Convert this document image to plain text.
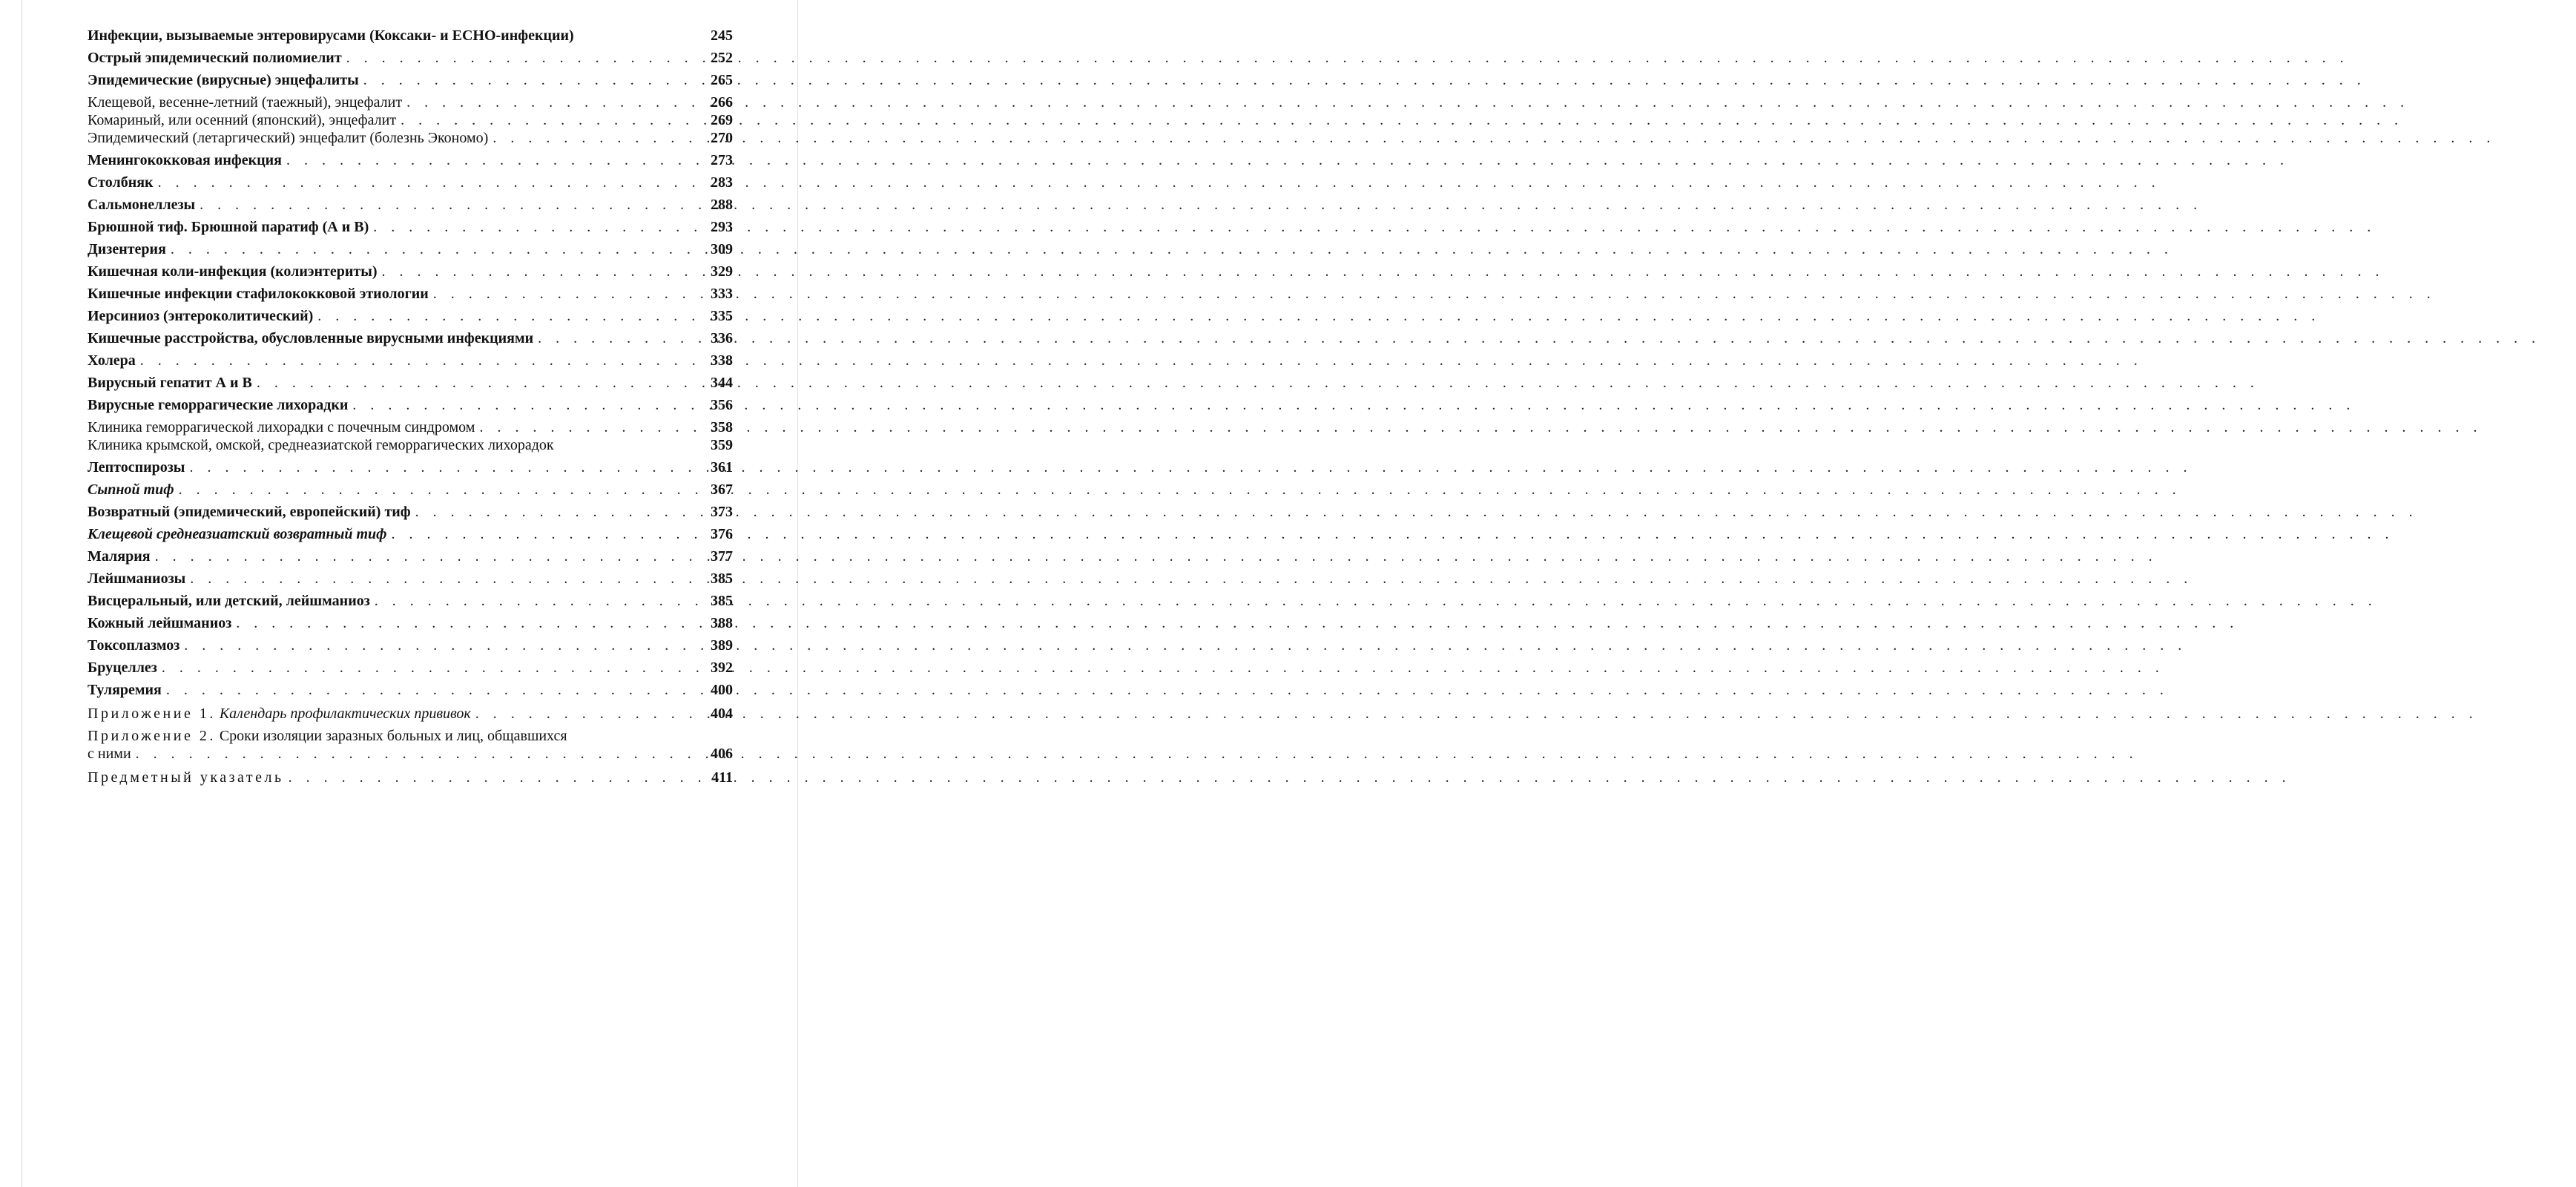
Инфекции, вызываемые энтеровирусами (Коксаки- и ECHO-инфекции)	245
Острый эпидемический полиомиелит . . .	252
Эпидемические (вирусные) энцефалиты . . .	265
Клещевой, весенне-летний (таежный), энцефалит . . .	266
Комариный, или осенний (японский), энцефалит . . .	269
Эпидемический (летаргический) энцефалит (болезнь Экономо) . . .	270
Менингококковая инфекция . . .	273
Столбняк . . .	283
Сальмонеллезы . . .	288
Брюшной тиф. Брюшной паратиф (А и В) . . .	293
Дизентерия . . .	309
Кишечная коли-инфекция (колиэнтериты) . . .	329
Кишечные инфекции стафилококковой этиологии . . .	333
Иерсиниоз (энтероколитический) . . .	335
Кишечные расстройства, обусловленные вирусными инфекциями . . .	336
Холера . . .	338
Вирусный гепатит А и В . . .	344
Вирусные геморрагические лихорадки . . .	356
Клиника геморрагической лихорадки с почечным синдромом . . .	358
Клиника крымской, омской, среднеазиатской геморрагических лихорадок	359
Лептоспирозы . . .	361
Сыпной тиф . . .	367
Возвратный (эпидемический, европейский) тиф . . .	373
Клещевой среднеазиатский возвратный тиф . . .	376
Малярия . . .	377
Лейшманиозы . . .	385
Висцеральный, или детский, лейшманиоз . . .	385
Кожный лейшманиоз . . .	388
Токсоплазмоз . . .	389
Бруцеллез . . .	392
Туляремия . . .	400
Приложение 1. Календарь профилактических прививок . . .	404
Приложение 2. Сроки изоляции заразных больных и лиц, общавшихся
с ними . . .	406
Предметный указатель . . .	411
